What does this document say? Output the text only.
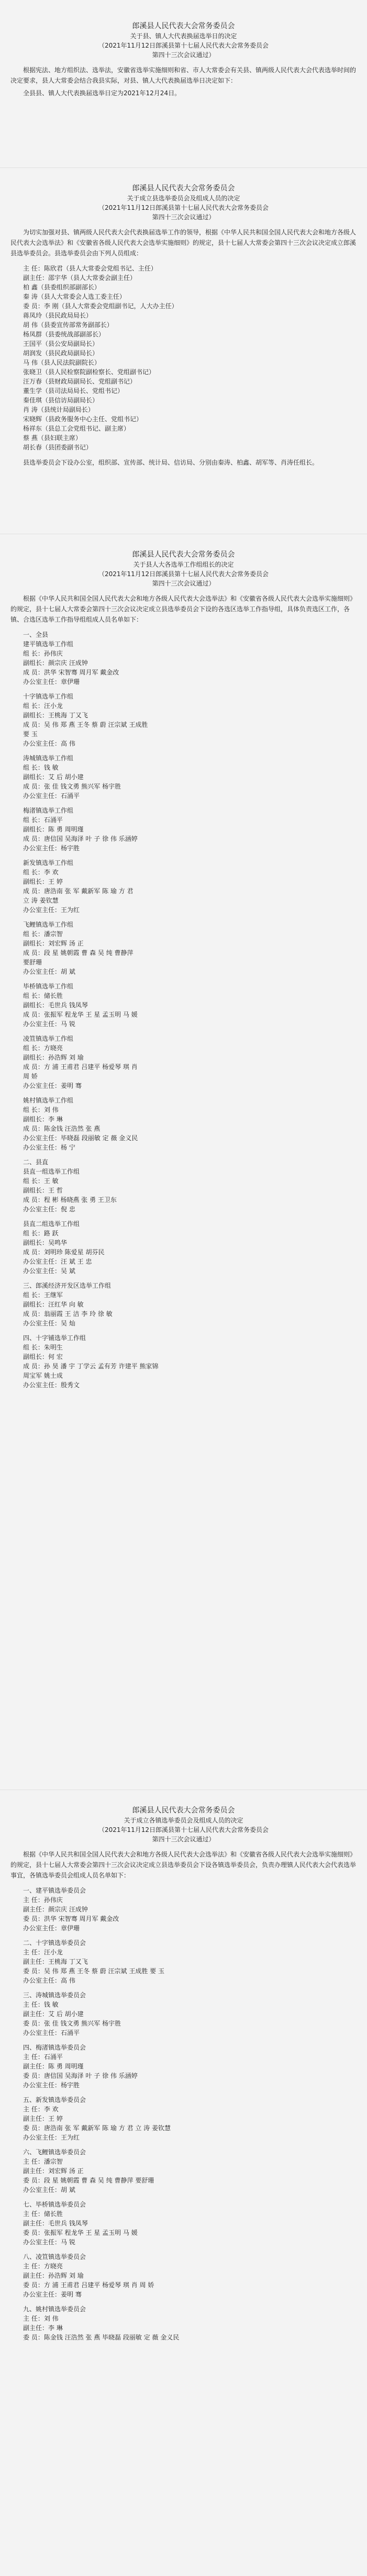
郎溪县人民代表大会常务委员会

关于县、镇人大代表换届选举日的决定

（2021年11月12日郎溪县第十七届人民代表大会常务委员会

第四十三次会议通过）

根据宪法、地方组织法、选举法，安徽省选举实施细则和省、市人大常委会有关县、镇两级人民代表大会代表选举时间的决定要求，县人大常委会结合我县实际，对县、镇人大代表换届选举日决定如下：

全县县、镇人大代表换届选举日定为2021年12月24日。

郎溪县人民代表大会常务委员会

关于成立县选举委员会及组成人员的决定

（2021年11月12日郎溪县第十七届人民代表大会常务委员会

第四十三次会议通过）

为切实加强对县、镇两级人民代表大会代表换届选举工作的领导，根据《中华人民共和国全国人民代表大会和地方各级人民代表大会选举法》和《安徽省各级人民代表大会选举实施细则》的规定，县十七届人大常委会第四十三次会议决定成立郎溪县选举委员会。县选举委员会由下列人员组成：

主 任：陈欣君（县人大常委会党组书记、主任）

副主任：邵宇华（县人大常委会副主任）

柏 鑫（县委组织部副部长）

秦 涛（县人大常委会人选工委主任）

委 员：李 刚（县人大常委会党组副书记，人大办主任）

蒋凤玲（县民政局局长）

胡 伟（县委宣传部常务副部长）

杨凤群（县委统战部副部长）

王国平（县公安局副局长）

胡润发（县民政局副局长）

马 伟（县人民法院副院长）

张晓卫（县人民检察院副检察长、党组副书记）

汪万春（县财政局副局长、党组副书记）

董生学（县司法局局长、党组书记）

秦佳琪（县信访局副局长）

肖 涛（县统计局副局长）

宋晓辉（县政务服务中心主任、党组书记）

杨祥东（县总工会党组书记、副主席）

蔡 燕（县妇联主席）

胡长春（县团委副书记）

县选举委员会下设办公室，组织部、宣传部、统计局、信访局、分别由秦涛、柏鑫、胡军等、肖涛任组长。

郎溪县人民代表大会常务委员会

关于县人大各选举工作组组长的决定

（2021年11月12日郎溪县第十七届人民代表大会常务委员会

第四十三次会议通过）

根据《中华人民共和国全国人民代表大会和地方各级人民代表大会选举法》和《安徽省各级人民代表大会选举实施细则》的规定，县十七届人大常委会第四十三次会议决定成立县选举委员会下设的各选区选举工作指导组，具体负责选区工作，各镇、合选区选举工作指导组组成人员名单如下：

一、全县

建平镇选举工作组

组 长：孙伟庆

副组长：颜宗庆 汪成钟

成 员：洪华 宋智骞 周月军 戴金改

办公室主任：章伊珊

十字镇选举工作组

组 长：汪小龙

副组长：王桃海 丁又飞

成 员：吴 伟 郑 燕 王冬 蔡 蔚 汪宗斌 王成胜

要 玉

办公室主任：高 伟

涛城镇选举工作组

组 长：钱 敏

副组长：艾 后 胡小建

成 员：张 佳 钱文勇 熊兴军 杨宇胜

办公室主任：石涌平

梅渚镇选举工作组

组 长：石涌平

副组长：陈 勇 周明瑾

成 员：唐信国 吴海泽 叶 子 徐 伟 乐涵婷

办公室主任：杨宇胜

新发镇选举工作组

组 长：李 欢

副组长：王 婷

成 员：唐浩南 张 军 戴新军 陈 瑜 方 君

立 涛 姜钦慧

办公室主任：王为红

飞鲤镇选举工作组

组 长：潘宗智

副组长：刘宏辉 汤 正

成 员：段 星 姚朝霞 曹 森 吴 纯 曹静萍

要舒珊

办公室主任：胡 斌

毕桥镇选举工作组

组 长：储长胜

副组长：毛世兵 钱凤琴

成 员：张振军 程龙华 王 星 孟玉明 马 媛

办公室主任：马 锐

凌笪镇选举工作组

组 长：方晓亮

副组长：孙浩辉 刘 瑜

成 员：方 浦 王甫君 吕建平 杨爱琴 琪 肖

周 娇

办公室主任：姜明 骞

姚村镇选举工作组

组 长：刘 伟

副组长：李 琳

成 员：陈金钱 汪浩然 张 燕

办公室主任：毕晓磊 段丽敏 定 薇 金义民

办公室主任：杨 宁

二、县直

县直一组选举工作组

组 长：王 敏

副组长：王 哲

成 员：程 彬 杨晓燕 张 勇 王卫东

办公室主任：倪 忠

县直二组选举工作组

组 长：路 跃

副组长：吴鸣华

成 员：刘明珍 陈爱星 胡芬民

办公室主任：汪 斌 王 忠

办公室主任：吴 斌

三、郎溪经济开发区选举工作组

组 长：王继军

副组长：汪红华 向 敏

成 员：翁丽霞 王 洁 李 玲 徐 敏

办公室主任：吴 灿

四、十字铺选举工作组

组 长：朱明生

副组长：何 宏

成 员：孙 昊 潘 宇 丁学云 孟有芳 许建平 熊家锦

周宝军 姚士成

办公室主任：殷秀文

郎溪县人民代表大会常务委员会

关于成立各镇选举委员会及组成人员的决定

（2021年11月12日郎溪县第十七届人民代表大会常务委员会

第四十三次会议通过）

根据《中华人民共和国全国人民代表大会和地方各级人民代表大会选举法》和《安徽省各级人民代表大会选举实施细则》的规定，县十七届人大常委会第四十三次会议决定成立县选举委员会下设各镇选举委员会，负责办理镇人民代表大会代表选举事宜，各镇选举委员会组成人员名单如下：

一、建平镇选举委员会

主 任：孙伟庆

副主任：颜宗庆 汪成钟

委 员：洪华 宋智骞 周月军 戴金改

办公室主任：章伊珊

二、十字镇选举委员会

主 任：汪小龙

副主任：王桃海 丁又飞

委 员：吴 伟 郑 燕 王冬 蔡 蔚 汪宗斌 王成胜 要 玉

办公室主任：高 伟

三、涛城镇选举委员会

主 任：钱 敏

副主任：艾 后 胡小建

委 员：张 佳 钱文勇 熊兴军 杨宇胜

办公室主任：石涌平

四、梅渚镇选举委员会

主 任：石涌平

副主任：陈 勇 周明瑾

委 员：唐信国 吴海泽 叶 子 徐 伟 乐涵婷

办公室主任：杨宇胜

五、新发镇选举委员会

主 任：李 欢

副主任：王 婷

委 员：唐浩南 张 军 戴新军 陈 瑜 方 君 立 涛 姜钦慧

办公室主任：王为红

六、飞鲤镇选举委员会

主 任：潘宗智

副主任：刘宏辉 汤 正

委 员：段 星 姚朝霞 曹 森 吴 纯 曹静萍 要舒珊

办公室主任：胡 斌

七、毕桥镇选举委员会

主 任：储长胜

副主任：毛世兵 钱凤琴

委 员：张振军 程龙华 王 星 孟玉明 马 媛

办公室主任：马 锐

八、凌笪镇选举委员会

主 任：方晓亮

副主任：孙浩辉 刘 瑜

委 员：方 浦 王甫君 吕建平 杨爱琴 琪 肖 周 娇

办公室主任：姜明 骞

九、姚村镇选举委员会

主 任：刘 伟

副主任：李 琳

委 员：陈金钱 汪浩然 张 燕 毕晓磊 段丽敏 定 薇 金义民
